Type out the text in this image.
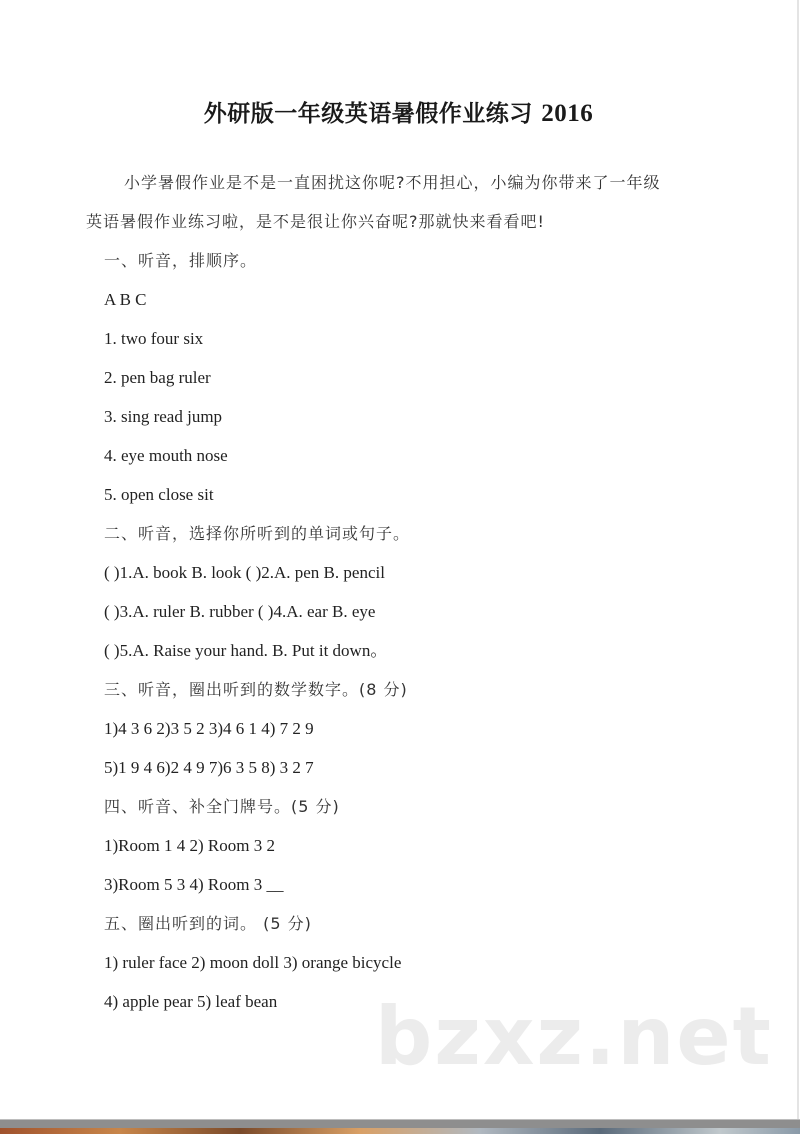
外研版一年级英语暑假作业练习 2016
小学暑假作业是不是一直困扰这你呢?不用担心，小编为你带来了一年级
英语暑假作业练习啦，是不是很让你兴奋呢?那就快来看看吧!
一、听音，排顺序。
A B C
1. two four six
2. pen bag ruler
3. sing read jump
4. eye mouth nose
5. open close sit
二、听音，选择你所听到的单词或句子。
( )1.A. book B. look ( )2.A. pen B. pencil
( )3.A. ruler B. rubber ( )4.A. ear B. eye
( )5.A. Raise your hand. B. Put it down。
三、听音，圈出听到的数学数字。(8 分)
1)4 3 6 2)3 5 2 3)4 6 1 4) 7 2 9
5)1 9 4 6)2 4 9 7)6 3 5 8) 3 2 7
四、听音、补全门牌号。(5 分)
1)Room 1 4 2) Room 3 2
3)Room 5 3 4) Room 3 __
五、圈出听到的词。 (5 分)
1) ruler face 2) moon doll 3) orange bicycle
4) apple pear 5) leaf bean bzxz.net
